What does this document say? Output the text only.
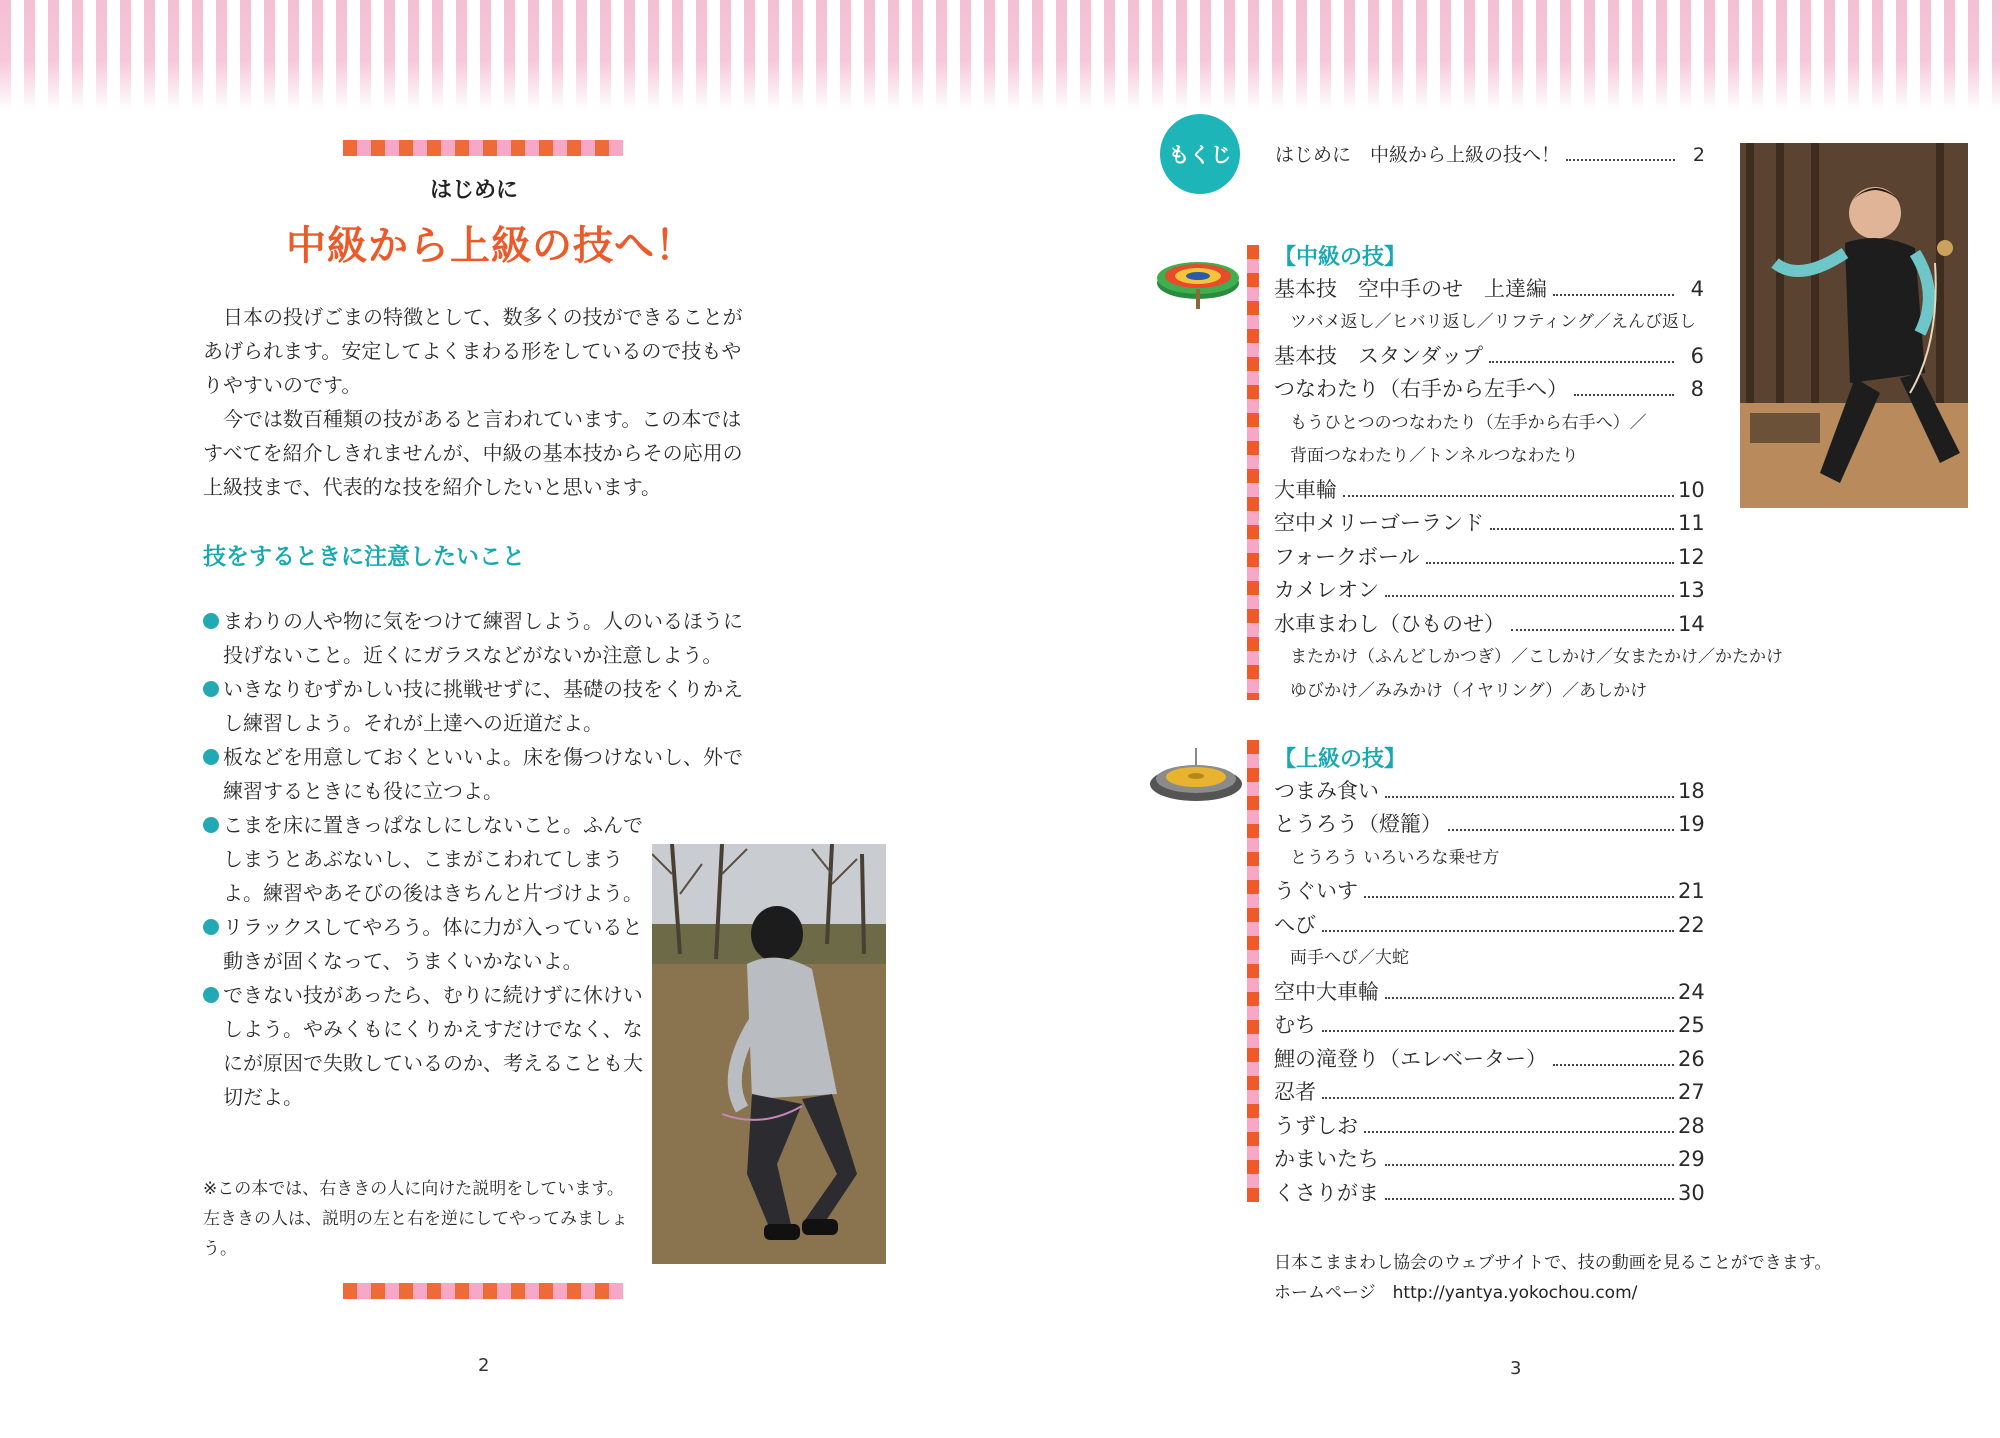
はじめに
中級から上級の技へ！

日本の投げごまの特徴として、数多くの技ができることがあげられます。安定してよくまわる形をしているので技もやりやすいのです。

今では数百種類の技があると言われています。この本ではすべてを紹介しきれませんが、中級の基本技からその応用の上級技まで、代表的な技を紹介したいと思います。

技をするときに注意したいこと
まわりの人や物に気をつけて練習しよう。人のいるほうに投げないこと。近くにガラスなどがないか注意しよう。
いきなりむずかしい技に挑戦せずに、基礎の技をくりかえし練習しよう。それが上達への近道だよ。
板などを用意しておくといいよ。床を傷つけないし、外で練習するときにも役に立つよ。
こまを床に置きっぱなしにしないこと。ふんでしまうとあぶないし、こまがこわれてしまうよ。練習やあそびの後はきちんと片づけよう。
リラックスしてやろう。体に力が入っていると動きが固くなって、うまくいかないよ。
できない技があったら、むりに続けずに休けいしよう。やみくもにくりかえすだけでなく、なにが原因で失敗しているのか、考えることも大切だよ。
※この本では、右ききの人に向けた説明をしています。左ききの人は、説明の左と右を逆にしてやってみましょう。
2
もくじ	はじめに　中級から上級の技へ！	2
【中級の技】
基本技　空中手のせ　上達編	4
ツバメ返し／ヒバリ返し／リフティング／えんび返し
基本技　スタンダップ	6
つなわたり（右手から左手へ）	8
もうひとつのつなわたり（左手から右手へ）／
背面つなわたり／トンネルつなわたり
大車輪	10
空中メリーゴーランド	11
フォークボール	12
カメレオン	13
水車まわし（ひものせ）	14
またかけ（ふんどしかつぎ）／こしかけ／女またかけ／かたかけ
ゆびかけ／みみかけ（イヤリング）／あしかけ
【上級の技】
つまみ食い	18
とうろう（燈籠）	19
とうろう いろいろな乗せ方
うぐいす	21
へび	22
両手へび／大蛇
空中大車輪	24
むち	25
鯉の滝登り（エレベーター）	26
忍者	27
うずしお	28
かまいたち	29
くさりがま	30
日本こままわし協会のウェブサイトで、技の動画を見ることができます。
ホームページ　http://yantya.yokochou.com/
3
